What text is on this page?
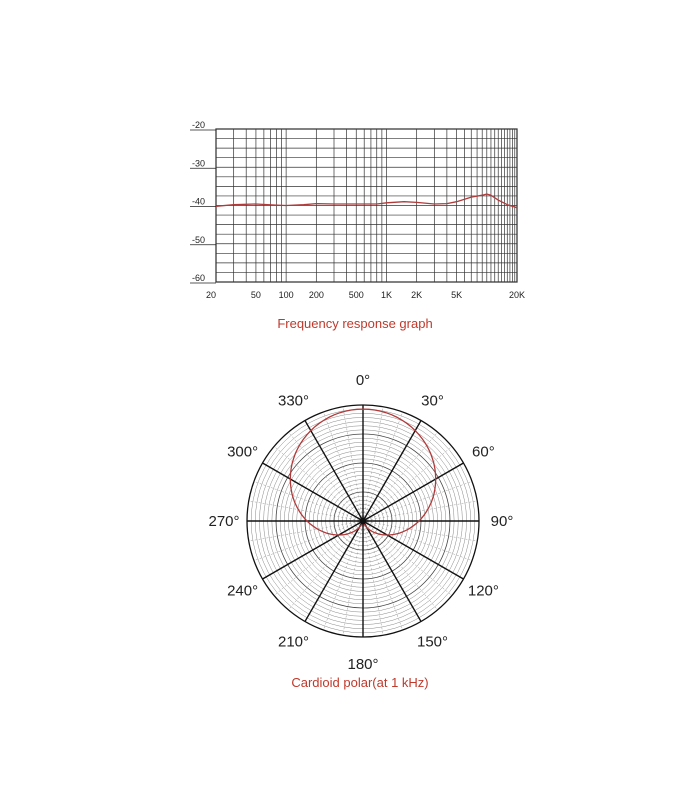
-20
-30
-40
-50
-60
20	50 100 200	500 1K 2K	5K	20K
Frequency response graph
0°
30°
60°
90°
120°
150°
180°
210°
240°
270°
300°
330°
Cardioid polar(at 1 kHz)
